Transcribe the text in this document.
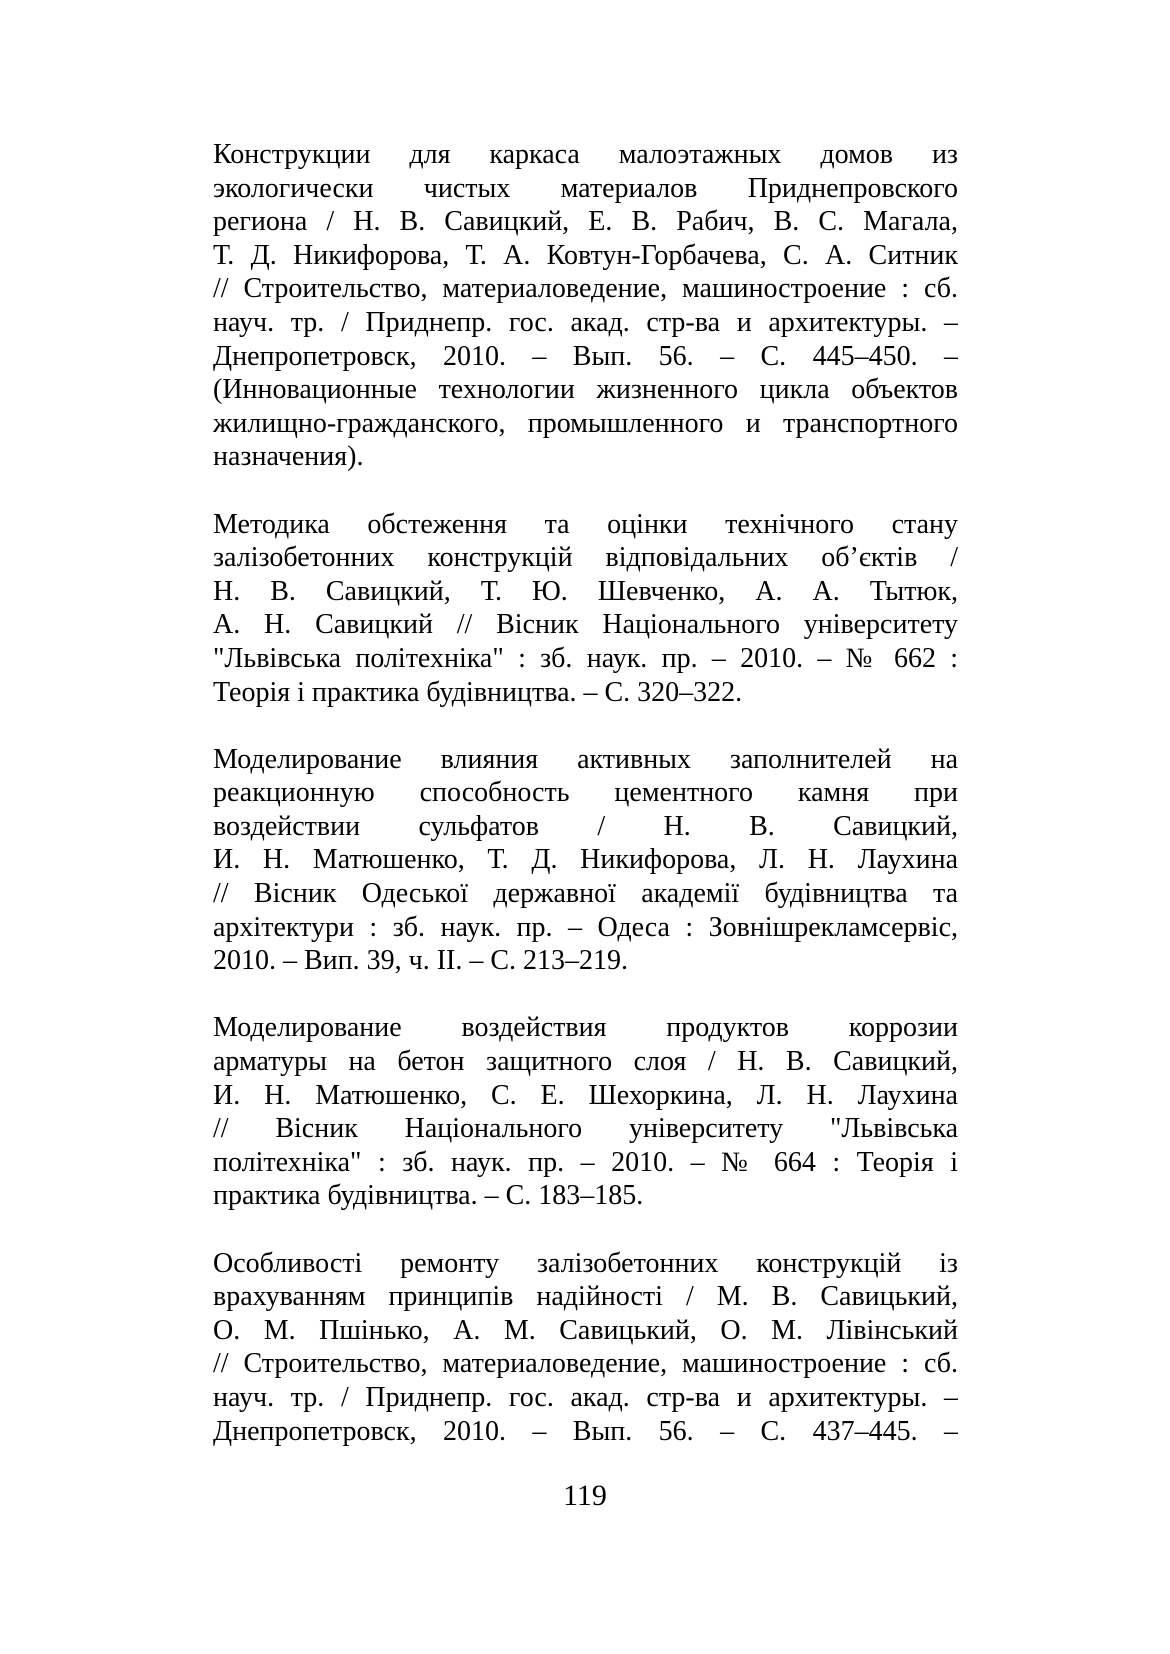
Конструкции для каркаса малоэтажных домов из
экологически чистых материалов Приднепровского
региона / Н. В. Савицкий, Е. В. Рабич, В. С. Магала,
Т. Д. Никифорова, Т. А. Ковтун-Горбачева, С. А. Ситник
// Строительство, материаловедение, машиностроение : сб.
науч. тр. / Приднепр. гос. акад. стр-ва и архитектуры. –
Днепропетровск, 2010. – Вып. 56. – С. 445–450. –
(Инновационные технологии жизненного цикла объектов
жилищно-гражданского, промышленного и транспортного
назначения).
Методика обстеження та оцінки технічного стану
залізобетонних конструкцій відповідальних об’єктів /
Н. В. Савицкий, Т. Ю. Шевченко, А. А. Тытюк,
А. Н. Савицкий // Вісник Національного університету
"Львівська політехніка" : зб. наук. пр. – 2010. – № 662 :
Теорія і практика будівництва. – С. 320–322.
Моделирование влияния активных заполнителей на
реакционную способность цементного камня при
воздействии сульфатов / Н. В. Савицкий,
И. Н. Матюшенко, Т. Д. Никифорова, Л. Н. Лаухина
// Вісник Одеської державної академії будівництва та
архітектури : зб. наук. пр. – Одеса : Зовнішрекламсервіс,
2010. – Вип. 39, ч. II. – С. 213–219.
Моделирование воздействия продуктов коррозии
арматуры на бетон защитного слоя / Н. В. Савицкий,
И. Н. Матюшенко, С. Е. Шехоркина, Л. Н. Лаухина
// Вісник Національного університету "Львівська
політехніка" : зб. наук. пр. – 2010. – № 664 : Теорія і
практика будівництва. – С. 183–185.
Особливості ремонту залізобетонних конструкцій із
врахуванням принципів надійності / М. В. Савицький,
О. М. Пшінько, А. М. Савицький, О. М. Лівінський
// Строительство, материаловедение, машиностроение : сб.
науч. тр. / Приднепр. гос. акад. стр-ва и архитектуры. –
Днепропетровск, 2010. – Вып. 56. – С. 437–445. –
119
